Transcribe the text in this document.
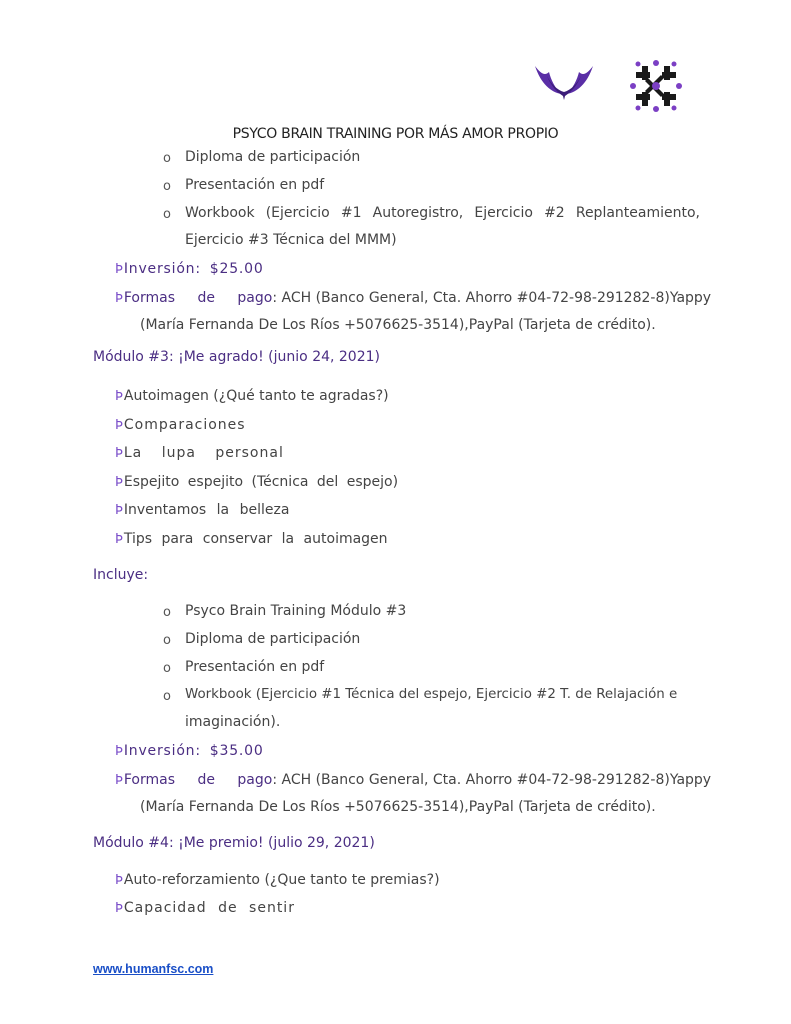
PSYCO BRAIN TRAINING POR MÁS AMOR PROPIO
o Diploma de participación
o Presentación en pdf
o Workbook (Ejercicio #1 Autoregistro, Ejercicio #2 Replanteamiento,
Ejercicio #3 Técnica del MMM)
ÞInversión: $25.00
ÞFormas de pago: ACH (Banco General, Cta. Ahorro #04-72-98-291282-8)Yappy
(María Fernanda De Los Ríos +5076625-3514),PayPal (Tarjeta de crédito).
Módulo #3: ¡Me agrado! (junio 24, 2021)
ÞAutoimagen (¿Qué tanto te agradas?)
ÞComparaciones
ÞLa lupa personal
ÞEspejito espejito (Técnica del espejo)
ÞInventamos la belleza
ÞTips para conservar la autoimagen
Incluye:
o Psyco Brain Training Módulo #3
o Diploma de participación
o Presentación en pdf
o Workbook (Ejercicio #1 Técnica del espejo, Ejercicio #2 T. de Relajación e
imaginación).
ÞInversión: $35.00
ÞFormas de pago: ACH (Banco General, Cta. Ahorro #04-72-98-291282-8)Yappy
(María Fernanda De Los Ríos +5076625-3514),PayPal (Tarjeta de crédito).
Módulo #4: ¡Me premio! (julio 29, 2021)
ÞAuto-reforzamiento (¿Que tanto te premias?)
ÞCapacidad de sentir
www.humanfsc.com
